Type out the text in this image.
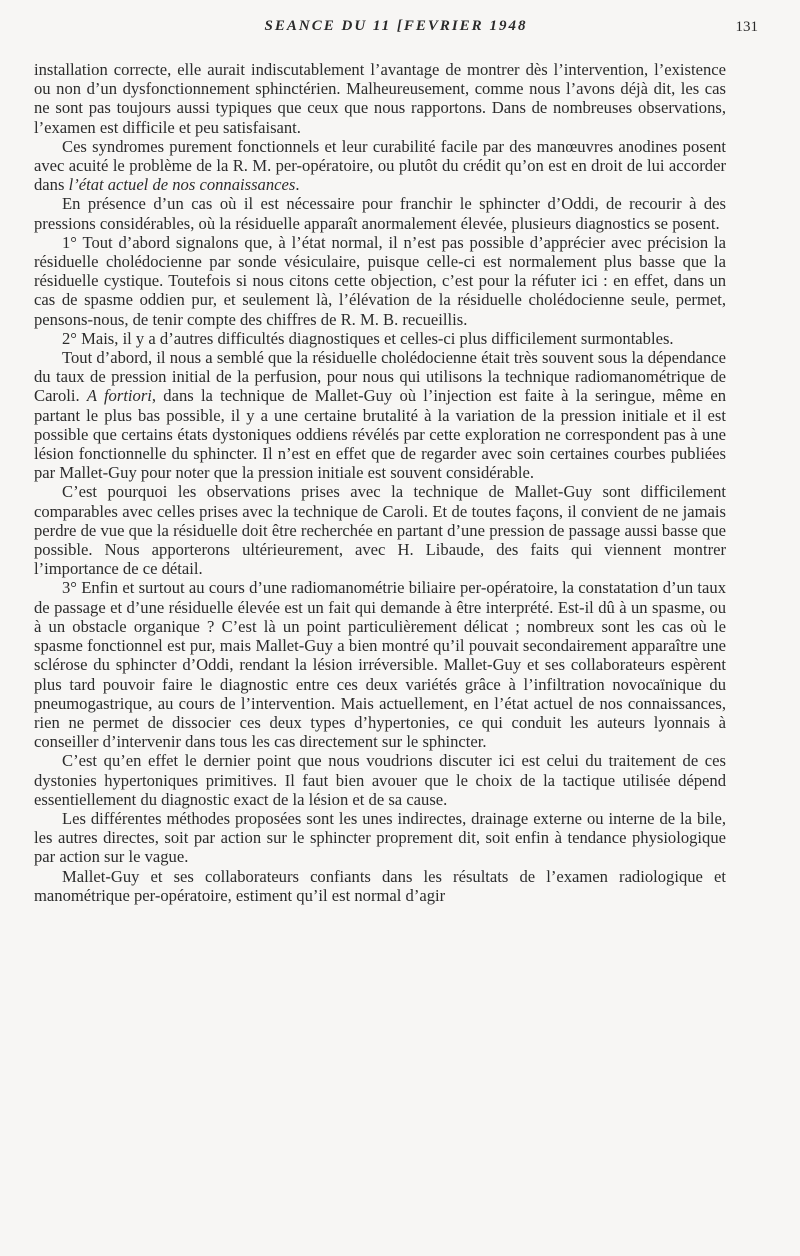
SEANCE DU 11 [FEVRIER 1948	131

installation correcte, elle aurait indiscutablement l’avantage de montrer dès l’intervention, l’existence ou non d’un dysfonctionnement sphinctérien. Malheureusement, comme nous l’avons déjà dit, les cas ne sont pas toujours aussi typiques que ceux que nous rapportons. Dans de nombreuses observations, l’examen est difficile et peu satisfaisant.

Ces syndromes purement fonctionnels et leur curabilité facile par des manœuvres anodines posent avec acuité le problème de la R. M. per-opératoire, ou plutôt du crédit qu’on est en droit de lui accorder dans l’état actuel de nos connaissances.

En présence d’un cas où il est nécessaire pour franchir le sphincter d’Oddi, de recourir à des pressions considérables, où la résiduelle apparaît anormalement élevée, plusieurs diagnostics se posent.

1° Tout d’abord signalons que, à l’état normal, il n’est pas possible d’apprécier avec précision la résiduelle cholédocienne par sonde vésiculaire, puisque celle-ci est normalement plus basse que la résiduelle cystique. Toutefois si nous citons cette objection, c’est pour la réfuter ici : en effet, dans un cas de spasme oddien pur, et seulement là, l’élévation de la résiduelle cholédocienne seule, permet, pensons-nous, de tenir compte des chiffres de R. M. B. recueillis.

2° Mais, il y a d’autres difficultés diagnostiques et celles-ci plus difficilement surmontables.

Tout d’abord, il nous a semblé que la résiduelle cholédocienne était très souvent sous la dépendance du taux de pression initial de la perfusion, pour nous qui utilisons la technique radiomanométrique de Caroli. A fortiori, dans la technique de Mallet-Guy où l’injection est faite à la seringue, même en partant le plus bas possible, il y a une certaine brutalité à la variation de la pression initiale et il est possible que certains états dystoniques oddiens révélés par cette exploration ne correspondent pas à une lésion fonctionnelle du sphincter. Il n’est en effet que de regarder avec soin certaines courbes publiées par Mallet-Guy pour noter que la pression initiale est souvent considérable.

C’est pourquoi les observations prises avec la technique de Mallet-Guy sont difficilement comparables avec celles prises avec la technique de Caroli. Et de toutes façons, il convient de ne jamais perdre de vue que la résiduelle doit être recherchée en partant d’une pression de passage aussi basse que possible. Nous apporterons ultérieurement, avec H. Libaude, des faits qui viennent montrer l’importance de ce détail.

3° Enfin et surtout au cours d’une radiomanométrie biliaire per-opératoire, la constatation d’un taux de passage et d’une résiduelle élevée est un fait qui demande à être interprété. Est-il dû à un spasme, ou à un obstacle organique ? C’est là un point particulièrement délicat ; nombreux sont les cas où le spasme fonctionnel est pur, mais Mallet-Guy a bien montré qu’il pouvait secondairement apparaître une sclérose du sphincter d’Oddi, rendant la lésion irréversible. Mallet-Guy et ses collaborateurs espèrent plus tard pouvoir faire le diagnostic entre ces deux variétés grâce à l’infiltration novocaïnique du pneumogastrique, au cours de l’intervention. Mais actuellement, en l’état actuel de nos connaissances, rien ne permet de dissocier ces deux types d’hypertonies, ce qui conduit les auteurs lyonnais à conseiller d’intervenir dans tous les cas directement sur le sphincter.

C’est qu’en effet le dernier point que nous voudrions discuter ici est celui du traitement de ces dystonies hypertoniques primitives. Il faut bien avouer que le choix de la tactique utilisée dépend essentiellement du diagnostic exact de la lésion et de sa cause.

Les différentes méthodes proposées sont les unes indirectes, drainage externe ou interne de la bile, les autres directes, soit par action sur le sphincter proprement dit, soit enfin à tendance physiologique par action sur le vague.

Mallet-Guy et ses collaborateurs confiants dans les résultats de l’examen radiologique et manométrique per-opératoire, estiment qu’il est normal d’agir
